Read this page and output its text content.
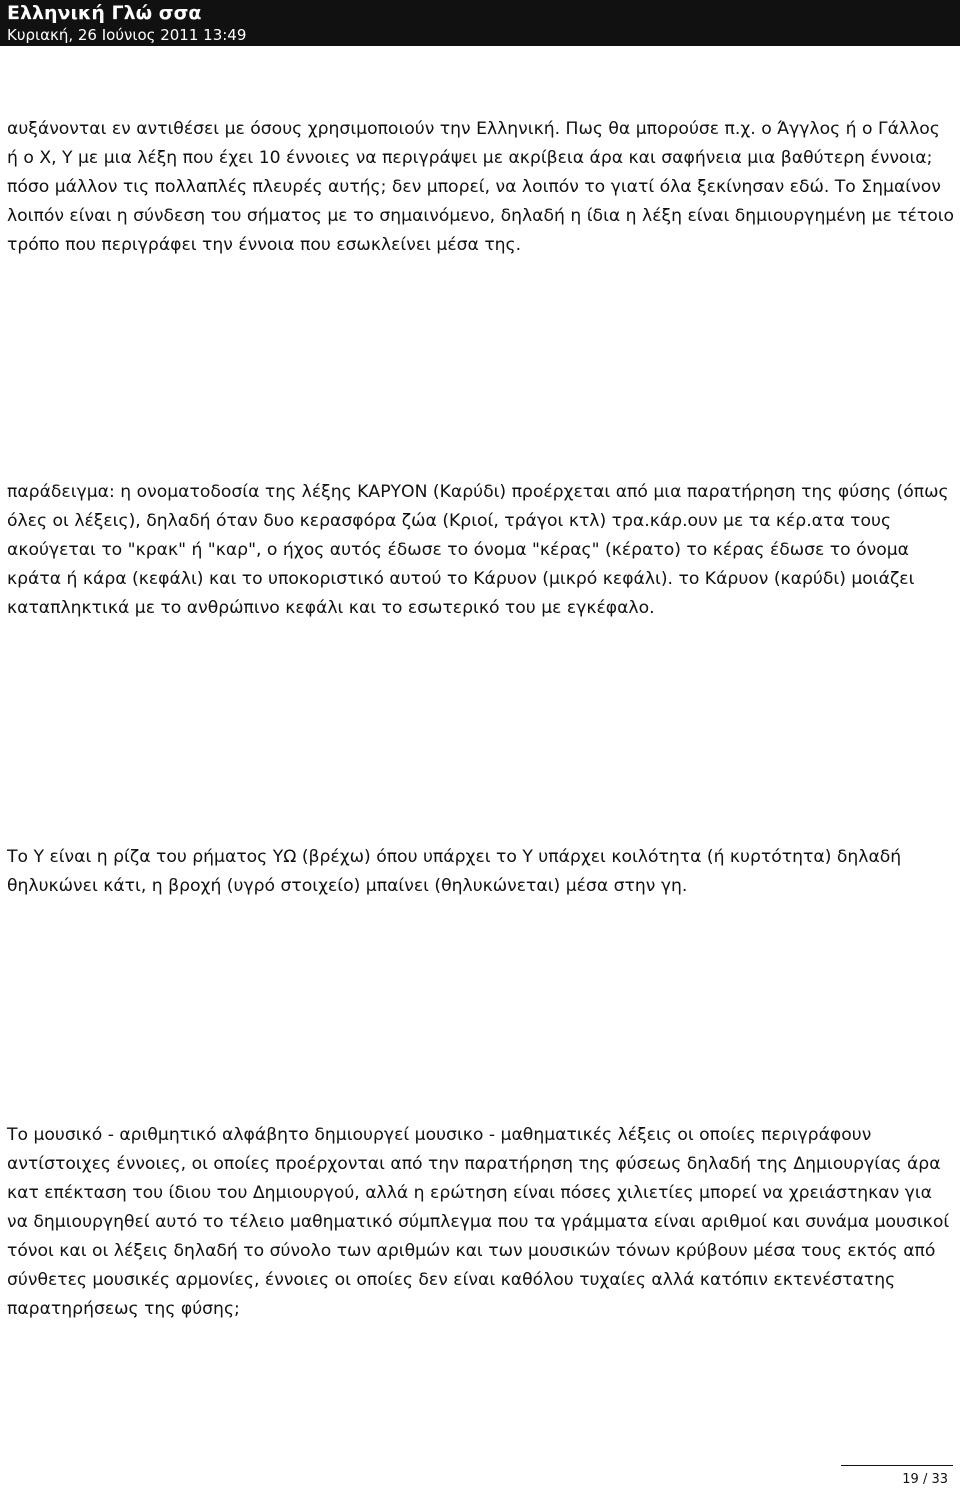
Ελληνική Γλώ σσα
Κυριακή, 26 Ιούνιος 2011 13:49

αυξάνονται εν αντιθέσει με όσους χρησιμοποιούν την Ελληνική. Πως θα μπορούσε π.χ. ο Άγγλος ή ο Γάλλος ή ο Χ, Υ με μια λέξη που έχει 10 έννοιες να περιγράψει με ακρίβεια άρα και σαφήνεια μια βαθύτερη έννοια; πόσο μάλλον τις πολλαπλές πλευρές αυτής; δεν μπορεί, να λοιπόν το γιατί όλα ξεκίνησαν εδώ. Το Σημαίνον λοιπόν είναι η σύνδεση του σήματος με το σημαινόμενο, δηλαδή η ίδια η λέξη είναι δημιουργημένη με τέτοιο τρόπο που περιγράφει την έννοια που εσωκλείνει μέσα της.

παράδειγμα: η ονοματοδοσία της λέξης ΚΑΡΥΟΝ (Καρύδι) προέρχεται από μια παρατήρηση της φύσης (όπως όλες οι λέξεις), δηλαδή όταν δυο κερασφόρα ζώα (Κριοί, τράγοι κτλ) τρα.κάρ.ουν με τα κέρ.ατα τους ακούγεται το "κρακ" ή "καρ", ο ήχος αυτός έδωσε το όνομα "κέρας" (κέρατο) το κέρας έδωσε το όνομα κράτα ή κάρα (κεφάλι) και το υποκοριστικό αυτού το Κάρυον (μικρό κεφάλι). το Κάρυον (καρύδι) μοιάζει καταπληκτικά με το ανθρώπινο κεφάλι και το εσωτερικό του με εγκέφαλο.

Το Υ είναι η ρίζα του ρήματος ΥΩ (βρέχω) όπου υπάρχει το Υ υπάρχει κοιλότητα (ή κυρτότητα) δηλαδή θηλυκώνει κάτι, η βροχή (υγρό στοιχείο) μπαίνει (θηλυκώνεται) μέσα στην γη.

Το μουσικό - αριθμητικό αλφάβητο δημιουργεί μουσικο - μαθηματικές λέξεις οι οποίες περιγράφουν αντίστοιχες έννοιες, οι οποίες προέρχονται από την παρατήρηση της φύσεως δηλαδή της Δημιουργίας άρα κατ επέκταση του ίδιου του Δημιουργού, αλλά η ερώτηση είναι πόσες χιλιετίες μπορεί να χρειάστηκαν για να δημιουργηθεί αυτό το τέλειο μαθηματικό σύμπλεγμα που τα γράμματα είναι αριθμοί και συνάμα μουσικοί τόνοι και οι λέξεις δηλαδή το σύνολο των αριθμών και των μουσικών τόνων κρύβουν μέσα τους εκτός από σύνθετες μουσικές αρμονίες, έννοιες οι οποίες δεν είναι καθόλου τυχαίες αλλά κατόπιν εκτενέστατης παρατηρήσεως της φύσης;

19 / 33
